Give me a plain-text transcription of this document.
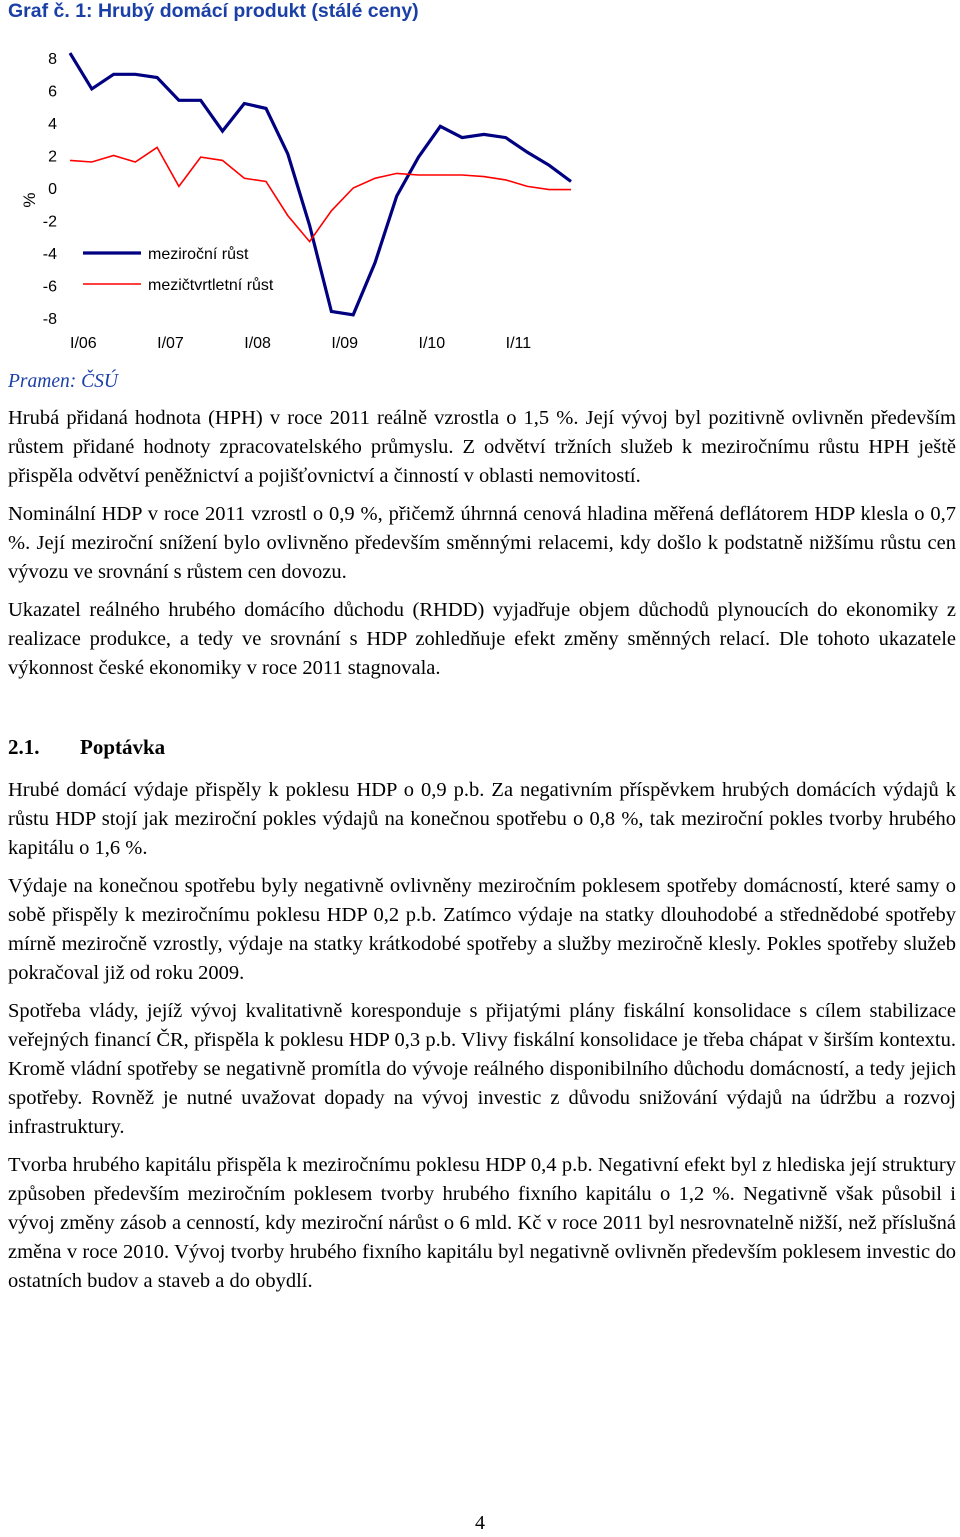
Graf č. 1: Hrubý domácí produkt (stálé ceny)
%
8
6
4
2
0
-2
-4
-6
-8
I/06	I/07	I/08	I/09	I/10	I/11
meziroční růst
mezičtvrtletní růst
Pramen: ČSÚ

Hrubá přidaná hodnota (HPH) v roce 2011 reálně vzrostla o 1,5 %. Její vývoj byl pozitivně ovlivněn především růstem přidané hodnoty zpracovatelského průmyslu. Z odvětví tržních služeb k meziročnímu růstu HPH ještě přispěla odvětví peněžnictví a pojišťovnictví a činností v oblasti nemovitostí.

Nominální HDP v roce 2011 vzrostl o 0,9 %, přičemž úhrnná cenová hladina měřená deflátorem HDP klesla o 0,7 %. Její meziroční snížení bylo ovlivněno především směnnými relacemi, kdy došlo k podstatně nižšímu růstu cen vývozu ve srovnání s růstem cen dovozu.

Ukazatel reálného hrubého domácího důchodu (RHDD) vyjadřuje objem důchodů plynoucích do ekonomiky z realizace produkce, a tedy ve srovnání s HDP zohledňuje efekt změny směnných relací. Dle tohoto ukazatele výkonnost české ekonomiky v roce 2011 stagnovala.

2.1. Poptávka

Hrubé domácí výdaje přispěly k poklesu HDP o 0,9 p.b. Za negativním příspěvkem hrubých domácích výdajů k růstu HDP stojí jak meziroční pokles výdajů na konečnou spotřebu o 0,8 %, tak meziroční pokles tvorby hrubého kapitálu o 1,6 %.

Výdaje na konečnou spotřebu byly negativně ovlivněny meziročním poklesem spotřeby domácností, které samy o sobě přispěly k meziročnímu poklesu HDP 0,2 p.b. Zatímco výdaje na statky dlouhodobé a střednědobé spotřeby mírně meziročně vzrostly, výdaje na statky krátkodobé spotřeby a služby meziročně klesly. Pokles spotřeby služeb pokračoval již od roku 2009.

Spotřeba vlády, jejíž vývoj kvalitativně koresponduje s přijatými plány fiskální konsolidace s cílem stabilizace veřejných financí ČR, přispěla k poklesu HDP 0,3 p.b. Vlivy fiskální konsolidace je třeba chápat v širším kontextu. Kromě vládní spotřeby se negativně promítla do vývoje reálného disponibilního důchodu domácností, a tedy jejich spotřeby. Rovněž je nutné uvažovat dopady na vývoj investic z důvodu snižování výdajů na údržbu a rozvoj infrastruktury.

Tvorba hrubého kapitálu přispěla k meziročnímu poklesu HDP 0,4 p.b. Negativní efekt byl z hlediska její struktury způsoben především meziročním poklesem tvorby hrubého fixního kapitálu o 1,2 %. Negativně však působil i vývoj změny zásob a cenností, kdy meziroční nárůst o 6 mld. Kč v roce 2011 byl nesrovnatelně nižší, než příslušná změna v roce 2010. Vývoj tvorby hrubého fixního kapitálu byl negativně ovlivněn především poklesem investic do ostatních budov a staveb a do obydlí.

4
